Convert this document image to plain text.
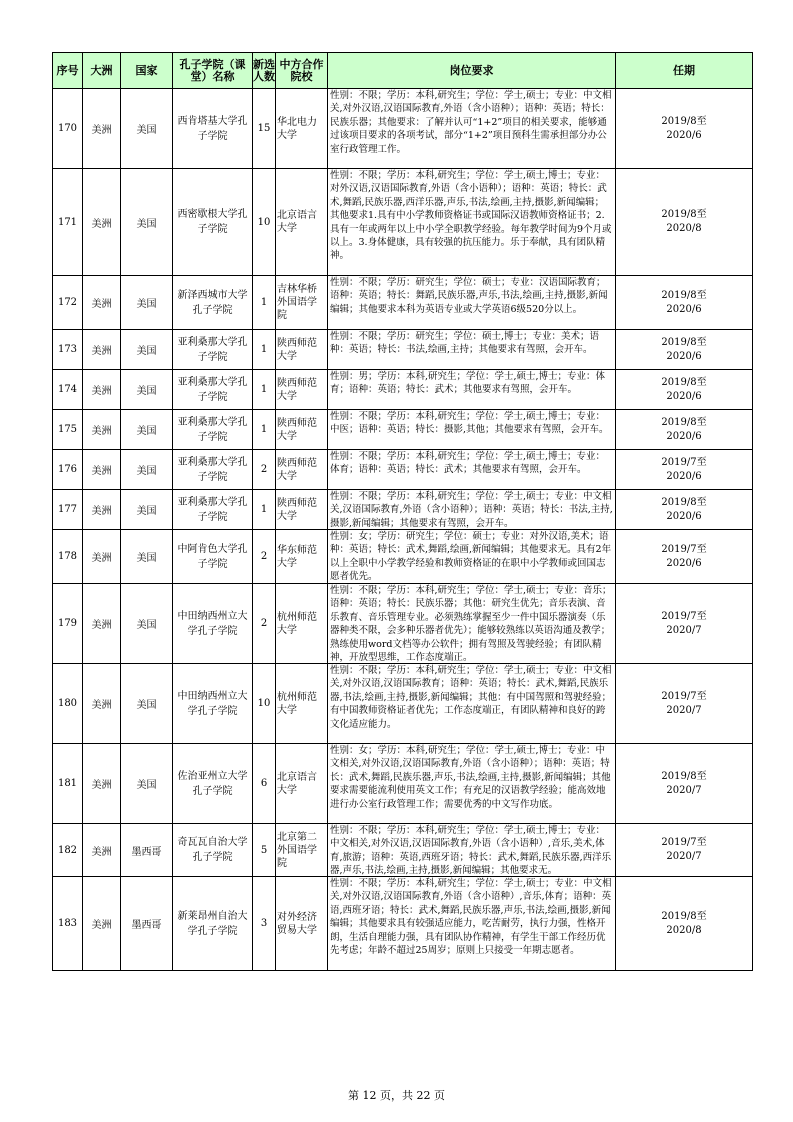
序号	大洲	国家	孔子学院（课堂）名称	新选人数	中方合作院校	岗位要求	任期
170	美洲	美国	西肯塔基大学孔子学院	15	华北电力大学	性别：不限；学历：本科,研究生；学位：学士,硕士；专业：中文相关,对外汉语,汉语国际教育,外语（含小语种）；语种：英语；特长：民族乐器；其他要求：了解并认可“1+2”项目的相关要求，能够通过该项目要求的各项考试，部分“1+2”项目预科生需承担部分办公室行政管理工作。	2019/8至
2020/6
171	美洲	美国	西密歇根大学孔子学院	10	北京语言大学	性别：不限；学历：本科,研究生；学位：学士,硕士,博士；专业：对外汉语,汉语国际教育,外语（含小语种）；语种：英语；特长：武术,舞蹈,民族乐器,西洋乐器,声乐,书法,绘画,主持,摄影,新闻编辑；其他要求1.具有中小学教师资格证书或国际汉语教师资格证书；2.具有一年或两年以上中小学全职教学经验。每年教学时间为9个月或以上。3.身体健康，具有较强的抗压能力。乐于奉献，具有团队精神。	2019/8至
2020/8
172	美洲	美国	新泽西城市大学孔子学院	1	吉林华桥外国语学院	性别：不限；学历：研究生；学位：硕士；专业：汉语国际教育；语种：英语；特长：舞蹈,民族乐器,声乐,书法,绘画,主持,摄影,新闻编辑；其他要求本科为英语专业或大学英语6级520分以上。	2019/8至
2020/6
173	美洲	美国	亚利桑那大学孔子学院	1	陕西师范大学	性别：不限；学历：研究生；学位：硕士,博士；专业：美术；语种：英语；特长：书法,绘画,主持；其他要求有驾照，会开车。	2019/8至
2020/6
174	美洲	美国	亚利桑那大学孔子学院	1	陕西师范大学	性别：男；学历：本科,研究生；学位：学士,硕士,博士；专业：体育；语种：英语；特长：武术；其他要求有驾照，会开车。	2019/8至
2020/6
175	美洲	美国	亚利桑那大学孔子学院	1	陕西师范大学	性别：不限；学历：本科,研究生；学位：学士,硕士,博士；专业：中医；语种：英语；特长：摄影,其他；其他要求有驾照，会开车。	2019/8至
2020/6
176	美洲	美国	亚利桑那大学孔子学院	2	陕西师范大学	性别：不限；学历：本科,研究生；学位：学士,硕士,博士；专业：体育；语种：英语；特长：武术；其他要求有驾照，会开车。	2019/7至
2020/6
177	美洲	美国	亚利桑那大学孔子学院	1	陕西师范大学	性别：不限；学历：本科,研究生；学位：学士,硕士；专业：中文相关,汉语国际教育,外语（含小语种）；语种：英语；特长：书法,主持,摄影,新闻编辑；其他要求有驾照，会开车。	2019/8至
2020/6
178	美洲	美国	中阿肯色大学孔子学院	2	华东师范大学	性别：女；学历：研究生；学位：硕士；专业：对外汉语,美术；语种：英语；特长：武术,舞蹈,绘画,新闻编辑；其他要求无。具有2年以上全职中小学教学经验和教师资格证的在职中小学教师或回国志愿者优先。	2019/7至
2020/6
179	美洲	美国	中田纳西州立大学孔子学院	2	杭州师范大学	性别：不限；学历：本科,研究生；学位：学士,硕士；专业：音乐；语种：英语；特长：民族乐器；其他：研究生优先；音乐表演、音乐教育、音乐管理专业。必须熟练掌握至少一件中国乐器演奏（乐器种类不限，会多种乐器者优先）；能够较熟练以英语沟通及教学；熟练使用word文档等办公软件；拥有驾照及驾驶经验；有团队精神，开放型思维，工作态度端正。	2019/7至
2020/7
180	美洲	美国	中田纳西州立大学孔子学院	10	杭州师范大学	性别：不限；学历：本科,研究生；学位：学士,硕士；专业：中文相关,对外汉语,汉语国际教育；语种：英语；特长：武术,舞蹈,民族乐器,书法,绘画,主持,摄影,新闻编辑；其他：有中国驾照和驾驶经验；有中国教师资格证者优先；工作态度端正，有团队精神和良好的跨文化适应能力。	2019/7至
2020/7
181	美洲	美国	佐治亚州立大学孔子学院	6	北京语言大学	性别：女；学历：本科,研究生；学位：学士,硕士,博士；专业：中文相关,对外汉语,汉语国际教育,外语（含小语种）；语种：英语；特长：武术,舞蹈,民族乐器,声乐,书法,绘画,主持,摄影,新闻编辑；其他要求需要能流利使用英文工作；有充足的汉语教学经验；能高效地进行办公室行政管理工作；需要优秀的中文写作功底。	2019/8至
2020/7
182	美洲	墨西哥	奇瓦瓦自治大学孔子学院	5	北京第二外国语学院	性别：不限；学历：本科,研究生；学位：学士,硕士,博士；专业：中文相关,对外汉语,汉语国际教育,外语（含小语种）,音乐,美术,体育,旅游；语种：英语,西班牙语；特长：武术,舞蹈,民族乐器,西洋乐器,声乐,书法,绘画,主持,摄影,新闻编辑；其他要求无。	2019/7至
2020/7
183	美洲	墨西哥	新莱昂州自治大学孔子学院	3	对外经济贸易大学	性别：不限；学历：本科,研究生；学位：学士,硕士；专业：中文相关,对外汉语,汉语国际教育,外语（含小语种）,音乐,体育；语种：英语,西班牙语；特长：武术,舞蹈,民族乐器,声乐,书法,绘画,摄影,新闻编辑；其他要求具有较强适应能力，吃苦耐劳，执行力强，性格开朗，生活自理能力强，具有团队协作精神，有学生干部工作经历优先考虑；年龄不超过25周岁；原则上只接受一年期志愿者。	2019/8至
2020/8
第 12 页，共 22 页
